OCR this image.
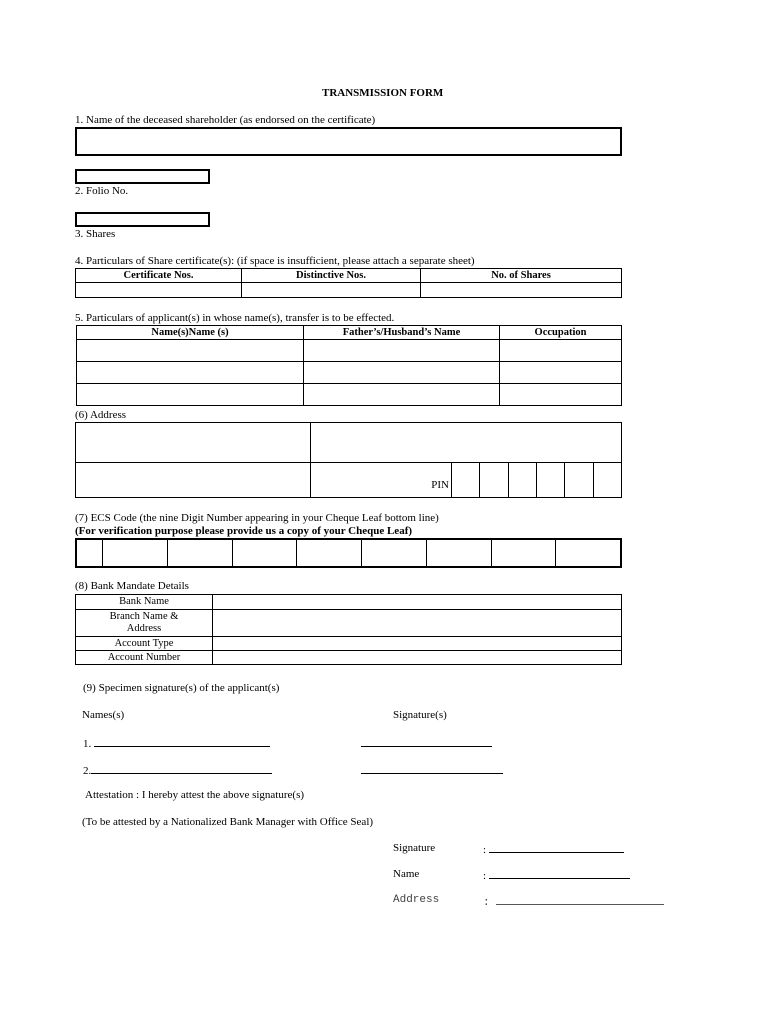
TRANSMISSION FORM
1. Name of the deceased shareholder (as endorsed on the certificate)
2. Folio No.
3. Shares
4. Particulars of Share certificate(s): (if space is insufficient, please attach a separate sheet)
Certificate Nos.	Distinctive Nos.	No. of Shares

5. Particulars of applicant(s) in whose name(s), transfer is to be effected.
Name(s)Name (s)	Father’s/Husband’s Name	Occupation

(6) Address
PIN
(7) ECS Code (the nine Digit Number appearing in your Cheque Leaf bottom line)
(For verification purpose please provide us a copy of your Cheque Leaf)
(8) Bank Mandate Details
Bank Name	
Branch Name & Address	
Account Type	
Account Number	
(9) Specimen signature(s) of the applicant(s)
Names(s)	Signature(s)
1.
2.
Attestation : I hereby attest the above signature(s)
(To be attested by a Nationalized Bank Manager with Office Seal)
Signature	:
Name	:
Address	:
